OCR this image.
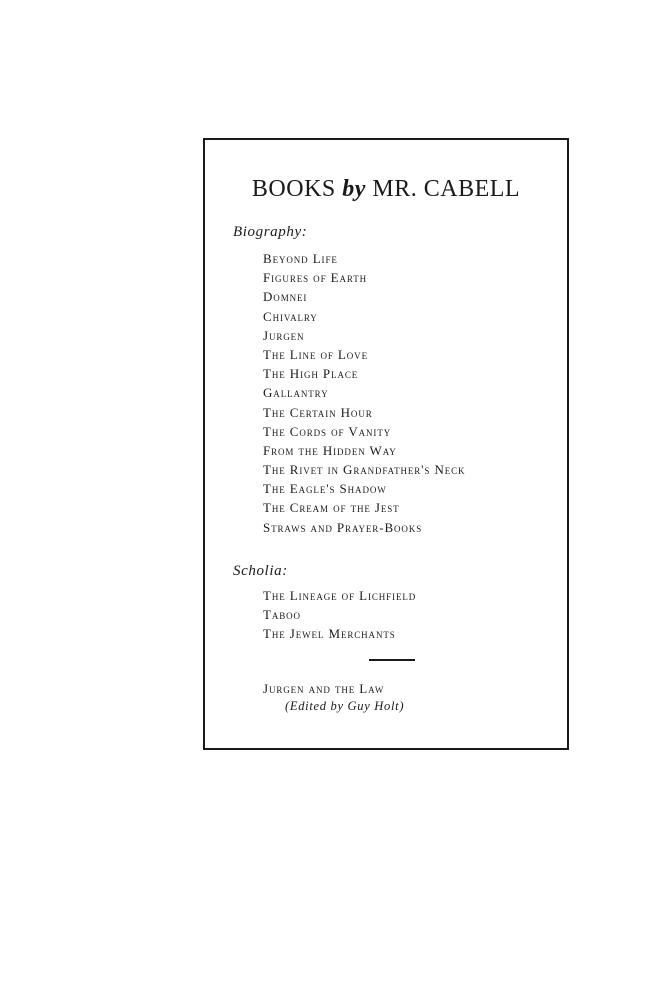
BOOKS by MR. CABELL
Biography:
Beyond Life
Figures of Earth
Domnei
Chivalry
Jurgen
The Line of Love
The High Place
Gallantry
The Certain Hour
The Cords of Vanity
From the Hidden Way
The Rivet in Grandfather's Neck
The Eagle's Shadow
The Cream of the Jest
Straws and Prayer-Books
Scholia:
The Lineage of Lichfield
Taboo
The Jewel Merchants
Jurgen and the Law
(Edited by Guy Holt)
